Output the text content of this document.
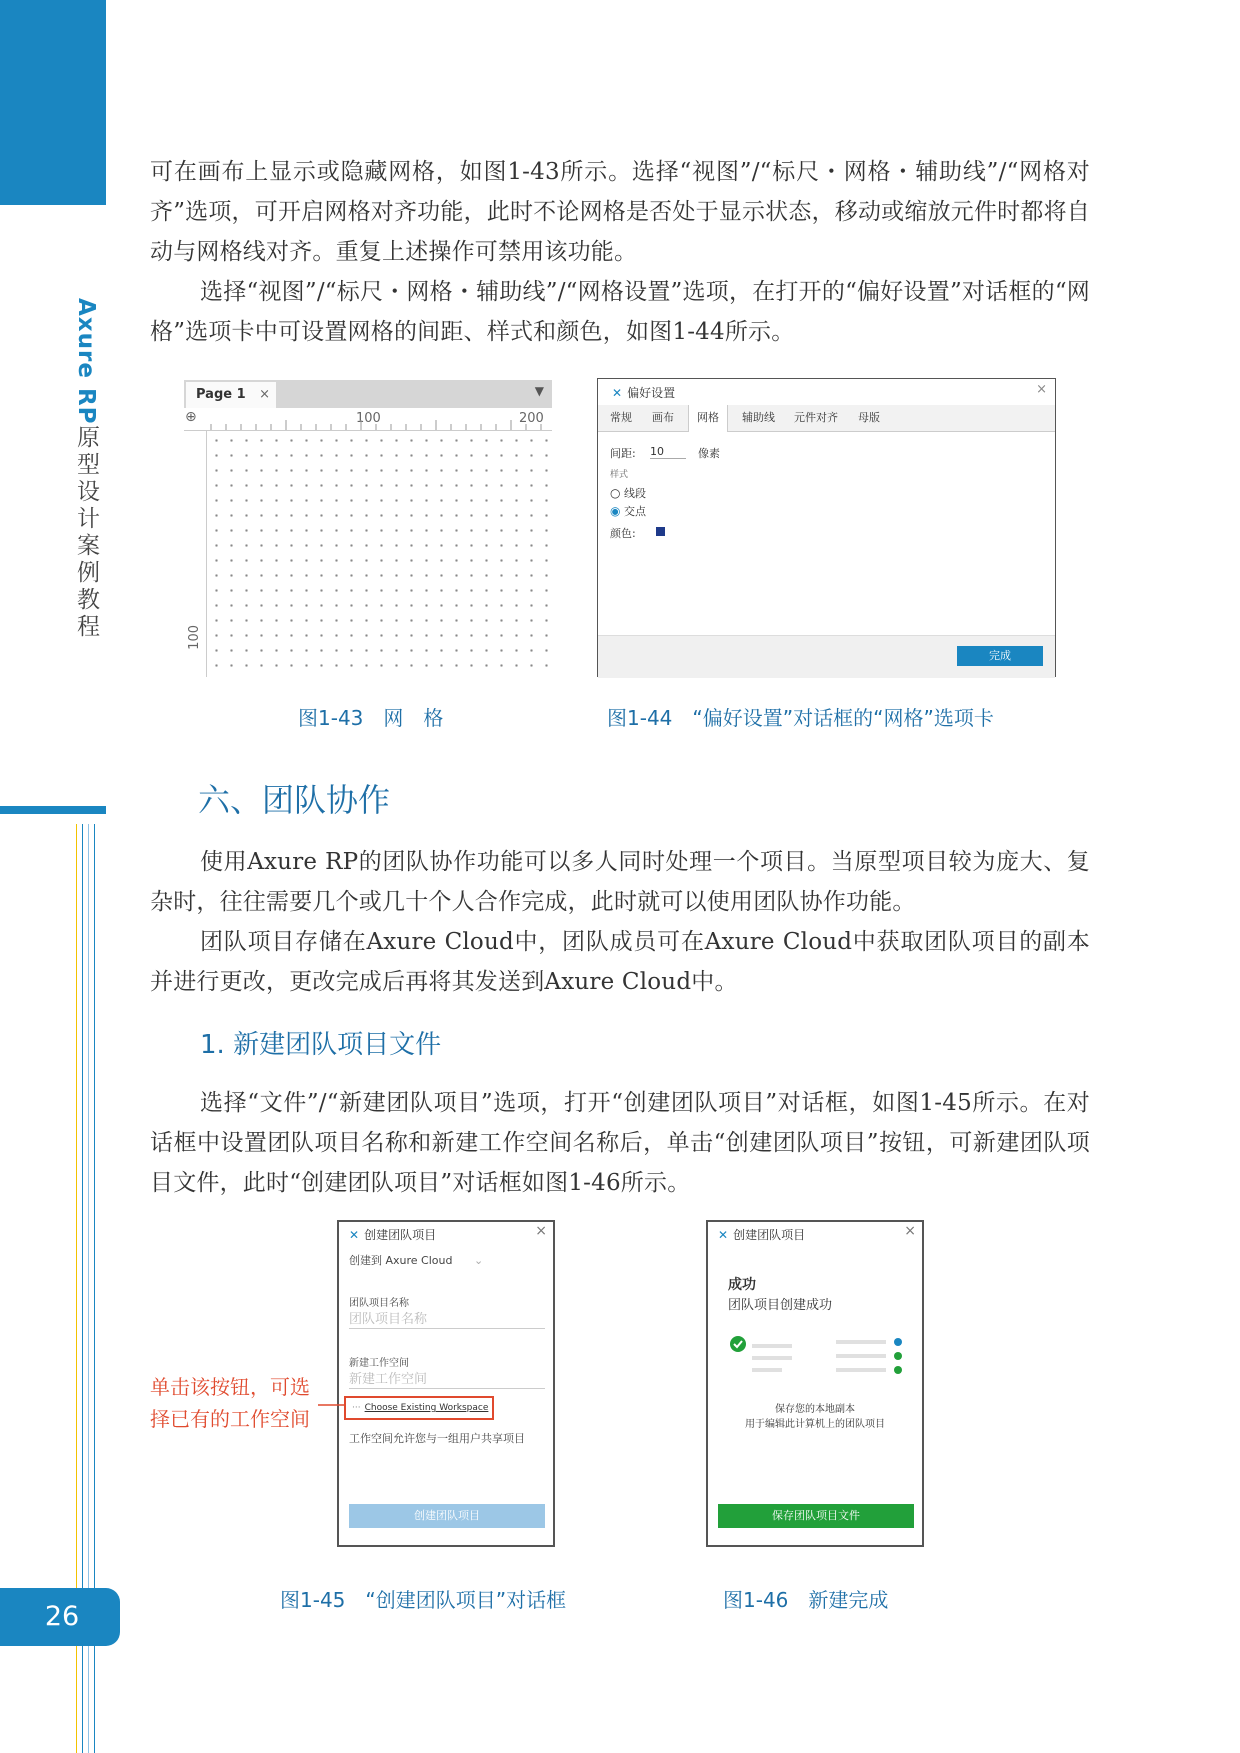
Axure RP原型设计案例教程
26

可在画布上显示或隐藏网格，如图1-43所示。选择“视图”/“标尺・网格・辅助线”/“网格对齐”选项，可开启网格对齐功能，此时不论网格是否处于显示状态，移动或缩放元件时都将自动与网格线对齐。重复上述操作可禁用该功能。

选择“视图”/“标尺・网格・辅助线”/“网格设置”选项，在打开的“偏好设置”对话框的“网格”选项卡中可设置网格的间距、样式和颜色，如图1-44所示。

Page 1 ×	▼
⊕	100	200
100
✕ 偏好设置	×
常规	画布	网格	辅助线	元件对齐	母版
间距: 10	像素
样式
○ 线段
◉ 交点
颜色:
完成
图1-43　网　格	图1-44　“偏好设置”对话框的“网格”选项卡
六、团队协作

使用Axure RP的团队协作功能可以多人同时处理一个项目。当原型项目较为庞大、复杂时，往往需要几个或几十个人合作完成，此时就可以使用团队协作功能。

团队项目存储在Axure Cloud中，团队成员可在Axure Cloud中获取团队项目的副本并进行更改，更改完成后再将其发送到Axure Cloud中。

1. 新建团队项目文件

选择“文件”/“新建团队项目”选项，打开“创建团队项目”对话框，如图1-45所示。在对话框中设置团队项目名称和新建工作空间名称后，单击“创建团队项目”按钮，可新建团队项目文件，此时“创建团队项目”对话框如图1-46所示。

✕ 创建团队项目	×
创建到 Axure Cloud ⌄
团队项目名称
团队项目名称
新建工作空间
新建工作空间
··· Choose Existing Workspace
工作空间允许您与一组用户共享项目
创建团队项目
单击该按钮，可选择已有的工作空间
✕ 创建团队项目	×
成功
团队项目创建成功
保存您的本地副本
用于编辑此计算机上的团队项目
保存团队项目文件
图1-45　“创建团队项目”对话框	图1-46　新建完成
